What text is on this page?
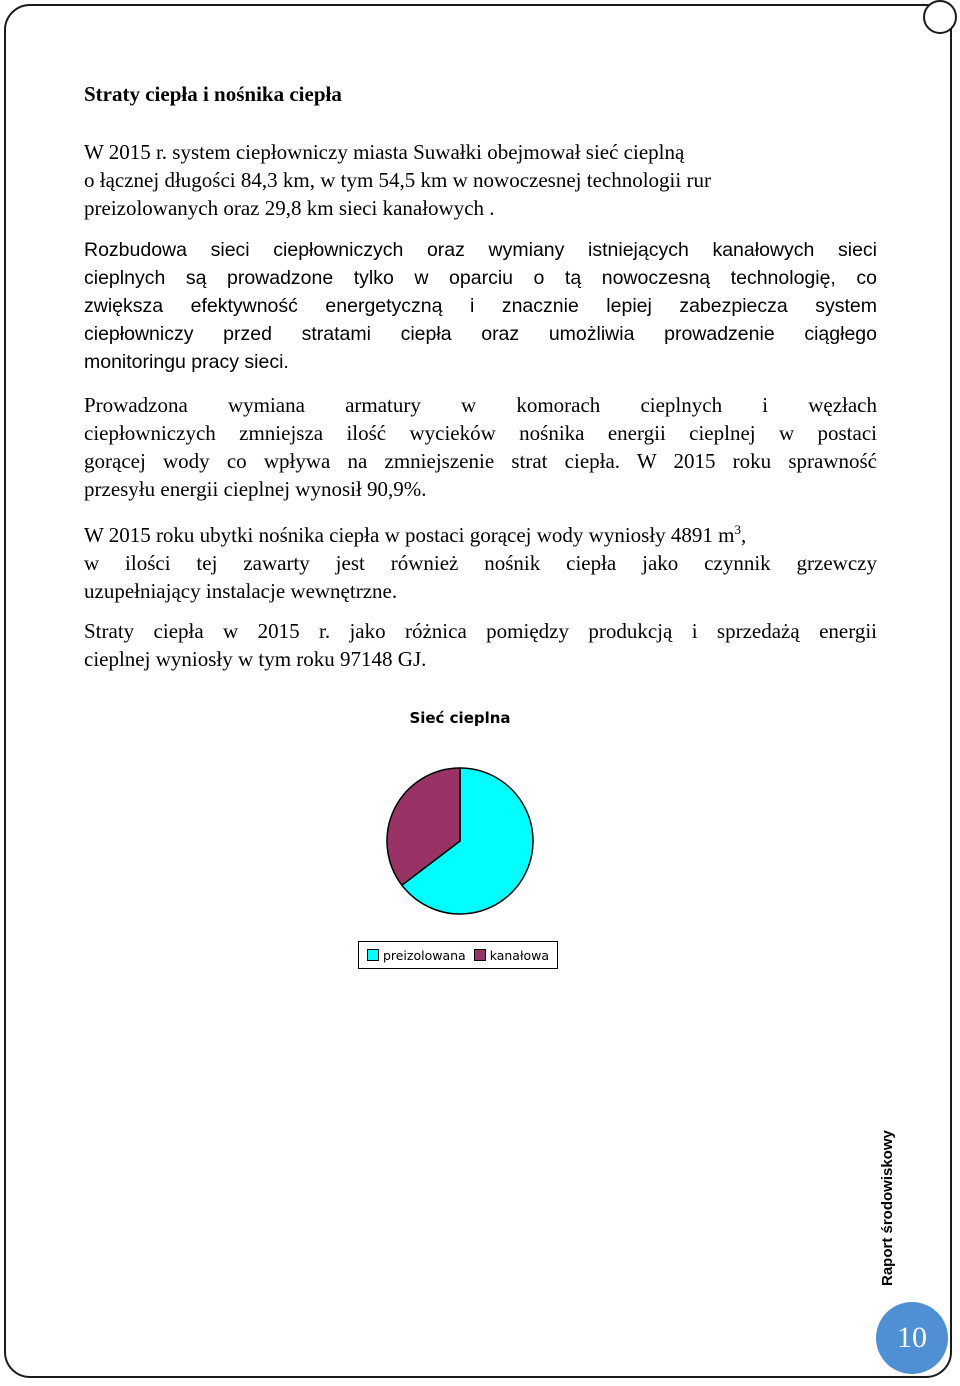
Straty ciepła i nośnika ciepła

W 2015 r. system ciepłowniczy miasta Suwałki obejmował sieć cieplną
o łącznej długości 84,3 km, w tym 54,5 km w nowoczesnej technologii rur
preizolowanych oraz 29,8 km sieci kanałowych .

Rozbudowa sieci ciepłowniczych oraz wymiany istniejących kanałowych sieci
cieplnych są prowadzone tylko w oparciu o tą nowoczesną technologię, co
zwiększa efektywność energetyczną i znacznie lepiej zabezpiecza system
ciepłowniczy przed stratami ciepła oraz umożliwia prowadzenie ciągłego
monitoringu pracy sieci.

Prowadzona wymiana armatury w komorach cieplnych i węzłach
ciepłowniczych zmniejsza ilość wycieków nośnika energii cieplnej w postaci
gorącej wody co wpływa na zmniejszenie strat ciepła. W 2015 roku sprawność
przesyłu energii cieplnej wynosił 90,9%.

W 2015 roku ubytki nośnika ciepła w postaci gorącej wody wyniosły 4891 $m^3$,
w ilości tej zawarty jest również nośnik ciepła jako czynnik grzewczy
uzupełniający instalacje wewnętrzne.

Straty ciepła w 2015 r. jako różnica pomiędzy produkcją i sprzedażą energii
cieplnej wyniosły w tym roku 97148 GJ.

Sieć cieplna
preizolowana kanałowa
Raport środowiskowy
10
